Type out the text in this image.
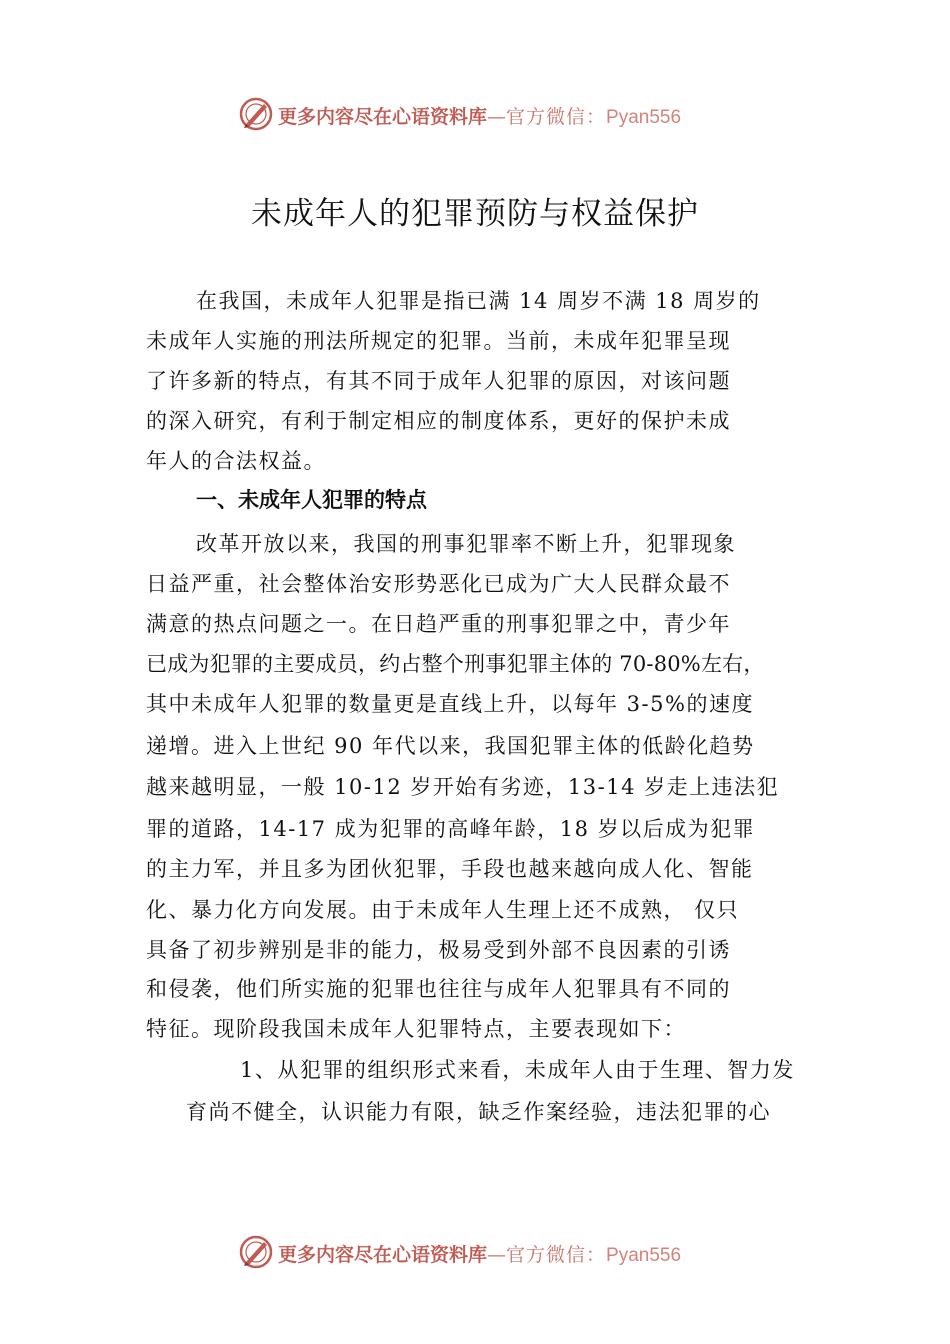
更多内容尽在心语资料库—官方微信：Pyan556
未成年人的犯罪预防与权益保护
在我国，未成年人犯罪是指已满 14 周岁不满 18 周岁的
未成年人实施的刑法所规定的犯罪。当前，未成年犯罪呈现
了许多新的特点，有其不同于成年人犯罪的原因，对该问题
的深入研究，有利于制定相应的制度体系，更好的保护未成
年人的合法权益。
一、未成年人犯罪的特点
改革开放以来，我国的刑事犯罪率不断上升，犯罪现象
日益严重，社会整体治安形势恶化已成为广大人民群众最不
满意的热点问题之一。在日趋严重的刑事犯罪之中，青少年
已成为犯罪的主要成员，约占整个刑事犯罪主体的 70-80%左右，
其中未成年人犯罪的数量更是直线上升，以每年 3-5%的速度
递增。进入上世纪 90 年代以来，我国犯罪主体的低龄化趋势
越来越明显，一般 10-12 岁开始有劣迹，13-14 岁走上违法犯
罪的道路，14-17 成为犯罪的高峰年龄，18 岁以后成为犯罪
的主力军，并且多为团伙犯罪，手段也越来越向成人化、智能
化、暴力化方向发展。由于未成年人生理上还不成熟， 仅只
具备了初步辨别是非的能力，极易受到外部不良因素的引诱
和侵袭，他们所实施的犯罪也往往与成年人犯罪具有不同的
特征。现阶段我国未成年人犯罪特点，主要表现如下：
1、从犯罪的组织形式来看，未成年人由于生理、智力发
育尚不健全，认识能力有限，缺乏作案经验，违法犯罪的心
更多内容尽在心语资料库—官方微信：Pyan556
